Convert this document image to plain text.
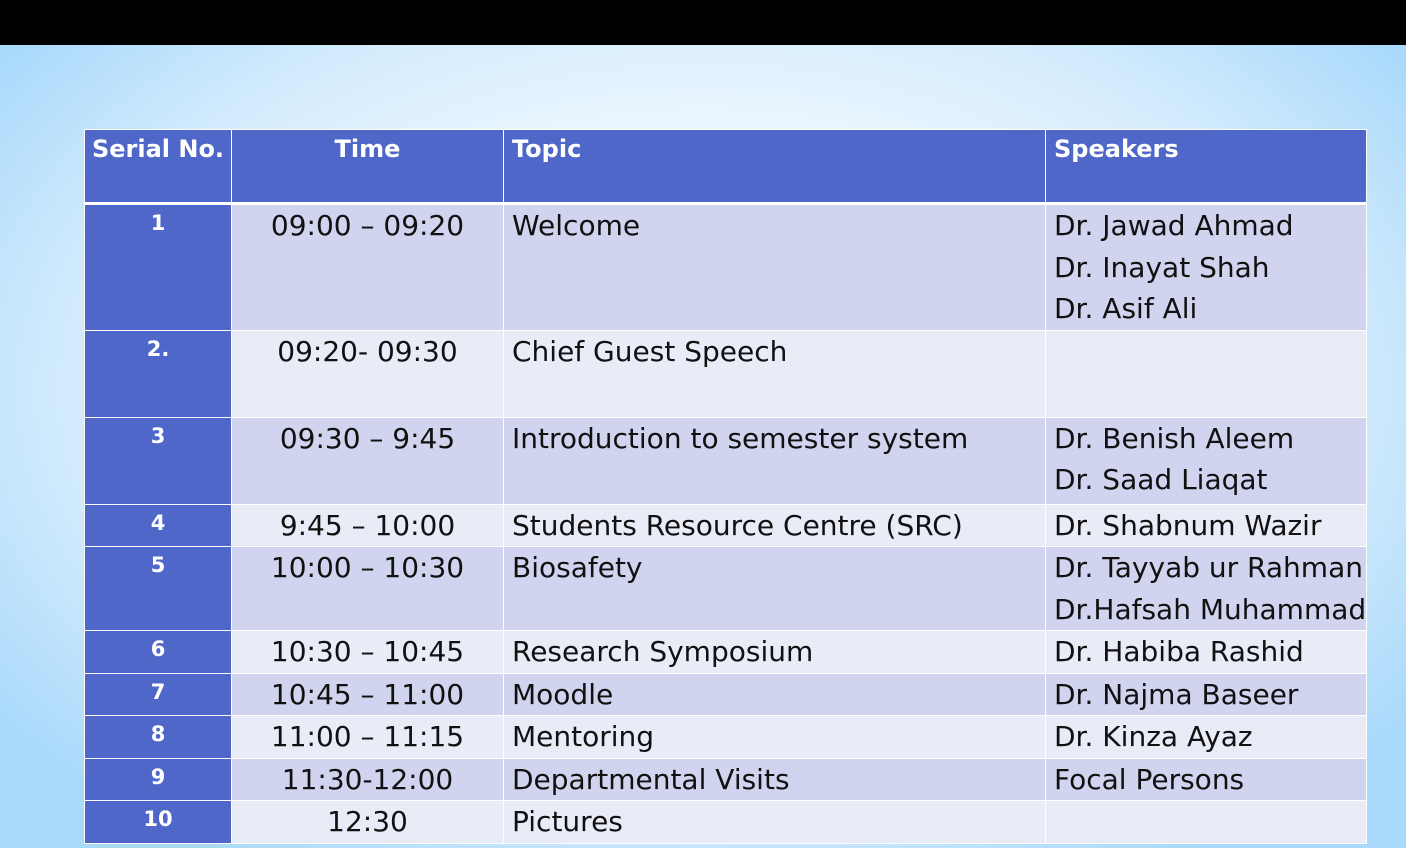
Serial No.	Time	Topic	Speakers
1	09:00 – 09:20	Welcome	Dr. Jawad Ahmad
Dr. Inayat Shah
Dr. Asif Ali

2.	09:20- 09:30	Chief Guest Speech	
3	09:30 – 9:45	Introduction to semester system	Dr. Benish Aleem
Dr. Saad Liaqat

4	9:45 – 10:00	Students Resource Centre (SRC)	Dr. Shabnum Wazir

5	10:00 – 10:30	Biosafety	Dr. Tayyab ur Rahman
Dr.Hafsah Muhammad

6	10:30 – 10:45	Research Symposium	Dr. Habiba Rashid

7	10:45 – 11:00	Moodle	Dr. Najma Baseer

8	11:00 – 11:15	Mentoring	Dr. Kinza Ayaz

9	11:30-12:00	Departmental Visits	Focal Persons

10	12:30	Pictures	
